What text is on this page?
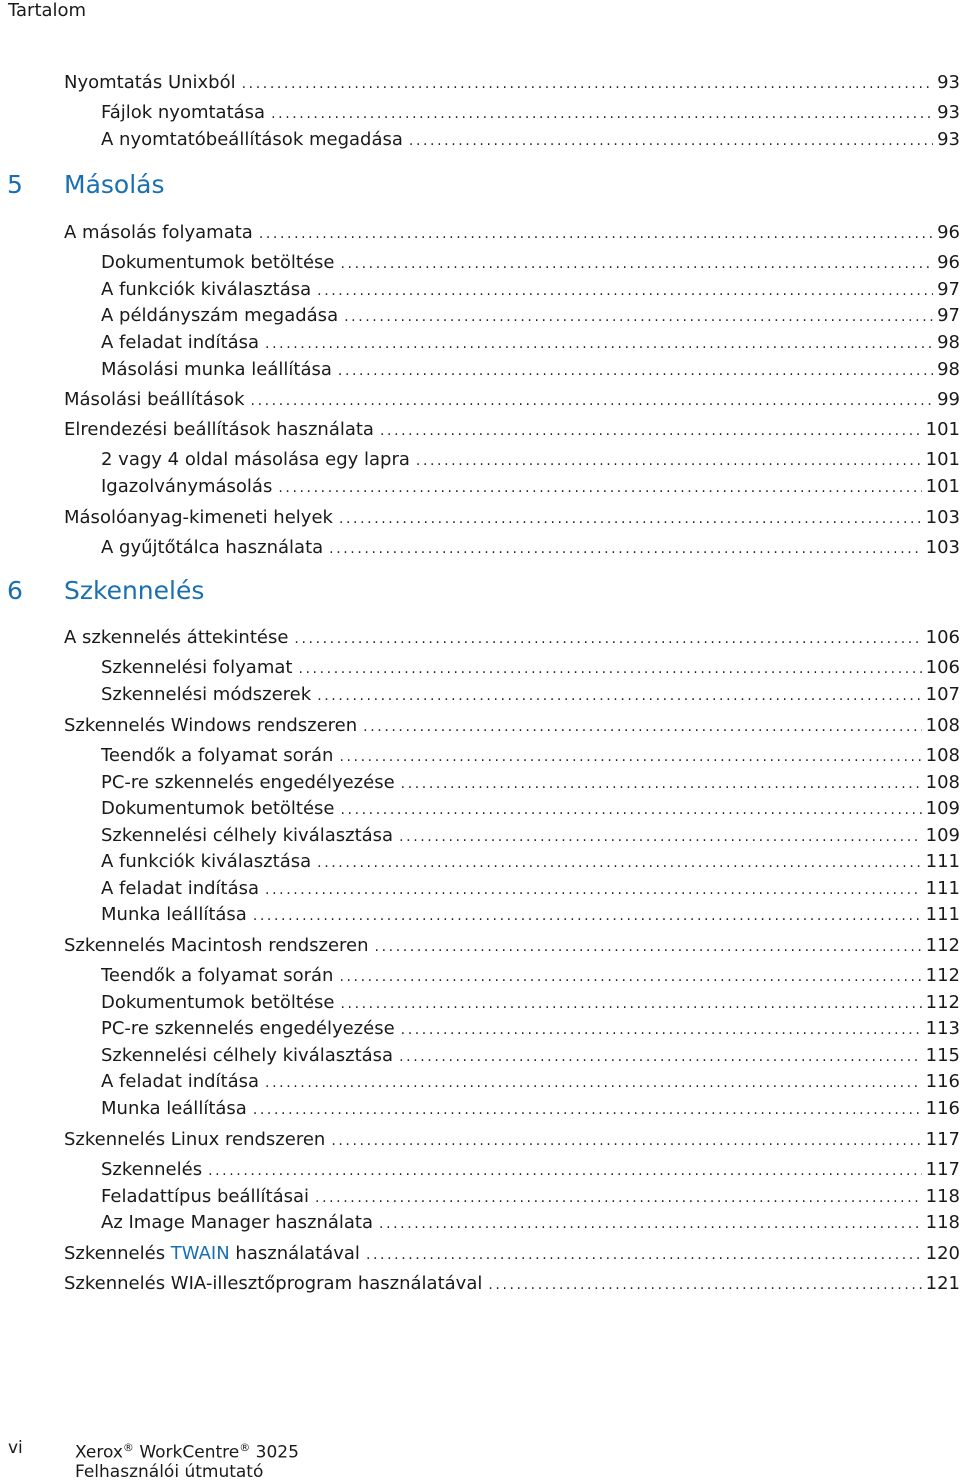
Tartalom
Nyomtatás Unixból .....	93
Fájlok nyomtatása .....	93
A nyomtatóbeállítások megadása .....	93
5 Másolás
A másolás folyamata .....	96
Dokumentumok betöltése .....	96
A funkciók kiválasztása .....	97
A példányszám megadása .....	97
A feladat indítása .....	98
Másolási munka leállítása .....	98
Másolási beállítások .....	99
Elrendezési beállítások használata .....	101
2 vagy 4 oldal másolása egy lapra .....	101
Igazolványmásolás .....	101
Másolóanyag-kimeneti helyek .....	103
A gyűjtőtálca használata .....	103
6 Szkennelés
A szkennelés áttekintése .....	106
Szkennelési folyamat .....	106
Szkennelési módszerek .....	107
Szkennelés Windows rendszeren .....	108
Teendők a folyamat során .....	108
PC-re szkennelés engedélyezése .....	108
Dokumentumok betöltése .....	109
Szkennelési célhely kiválasztása .....	109
A funkciók kiválasztása .....	111
A feladat indítása .....	111
Munka leállítása .....	111
Szkennelés Macintosh rendszeren .....	112
Teendők a folyamat során .....	112
Dokumentumok betöltése .....	112
PC-re szkennelés engedélyezése .....	113
Szkennelési célhely kiválasztása .....	115
A feladat indítása .....	116
Munka leállítása .....	116
Szkennelés Linux rendszeren .....	117
Szkennelés .....	117
Feladattípus beállításai .....	118
Az Image Manager használata .....	118
Szkennelés TWAIN használatával .....	120
Szkennelés WIA-illesztőprogram használatával .....	121
vi	Xerox® WorkCentre® 3025
Felhasználói útmutató
